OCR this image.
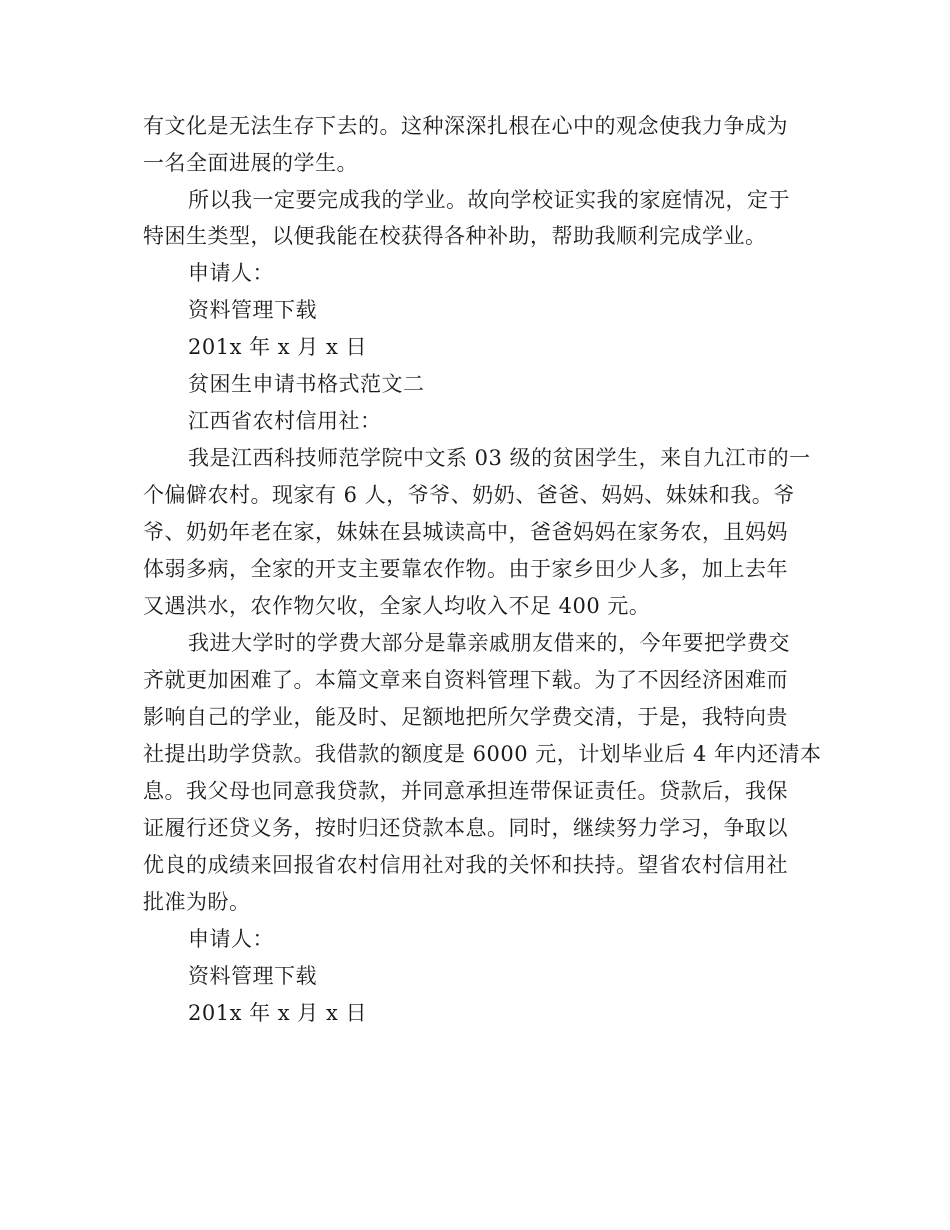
有文化是无法生存下去的。这种深深扎根在心中的观念使我力争成为
一名全面进展的学生。
所以我一定要完成我的学业。故向学校证实我的家庭情况，定于
特困生类型，以便我能在校获得各种补助，帮助我顺利完成学业。
申请人：
资料管理下载
201x 年 x 月 x 日
贫困生申请书格式范文二
江西省农村信用社：
我是江西科技师范学院中文系 03 级的贫困学生，来自九江市的一
个偏僻农村。现家有 6 人，爷爷、奶奶、爸爸、妈妈、妹妹和我。爷
爷、奶奶年老在家，妹妹在县城读高中，爸爸妈妈在家务农，且妈妈
体弱多病，全家的开支主要靠农作物。由于家乡田少人多，加上去年
又遇洪水，农作物欠收，全家人均收入不足 400 元。
我进大学时的学费大部分是靠亲戚朋友借来的，今年要把学费交
齐就更加困难了。本篇文章来自资料管理下载。为了不因经济困难而
影响自己的学业，能及时、足额地把所欠学费交清，于是，我特向贵
社提出助学贷款。我借款的额度是 6000 元，计划毕业后 4 年内还清本
息。我父母也同意我贷款，并同意承担连带保证责任。贷款后，我保
证履行还贷义务，按时归还贷款本息。同时，继续努力学习，争取以
优良的成绩来回报省农村信用社对我的关怀和扶持。望省农村信用社
批准为盼。
申请人：
资料管理下载
201x 年 x 月 x 日
